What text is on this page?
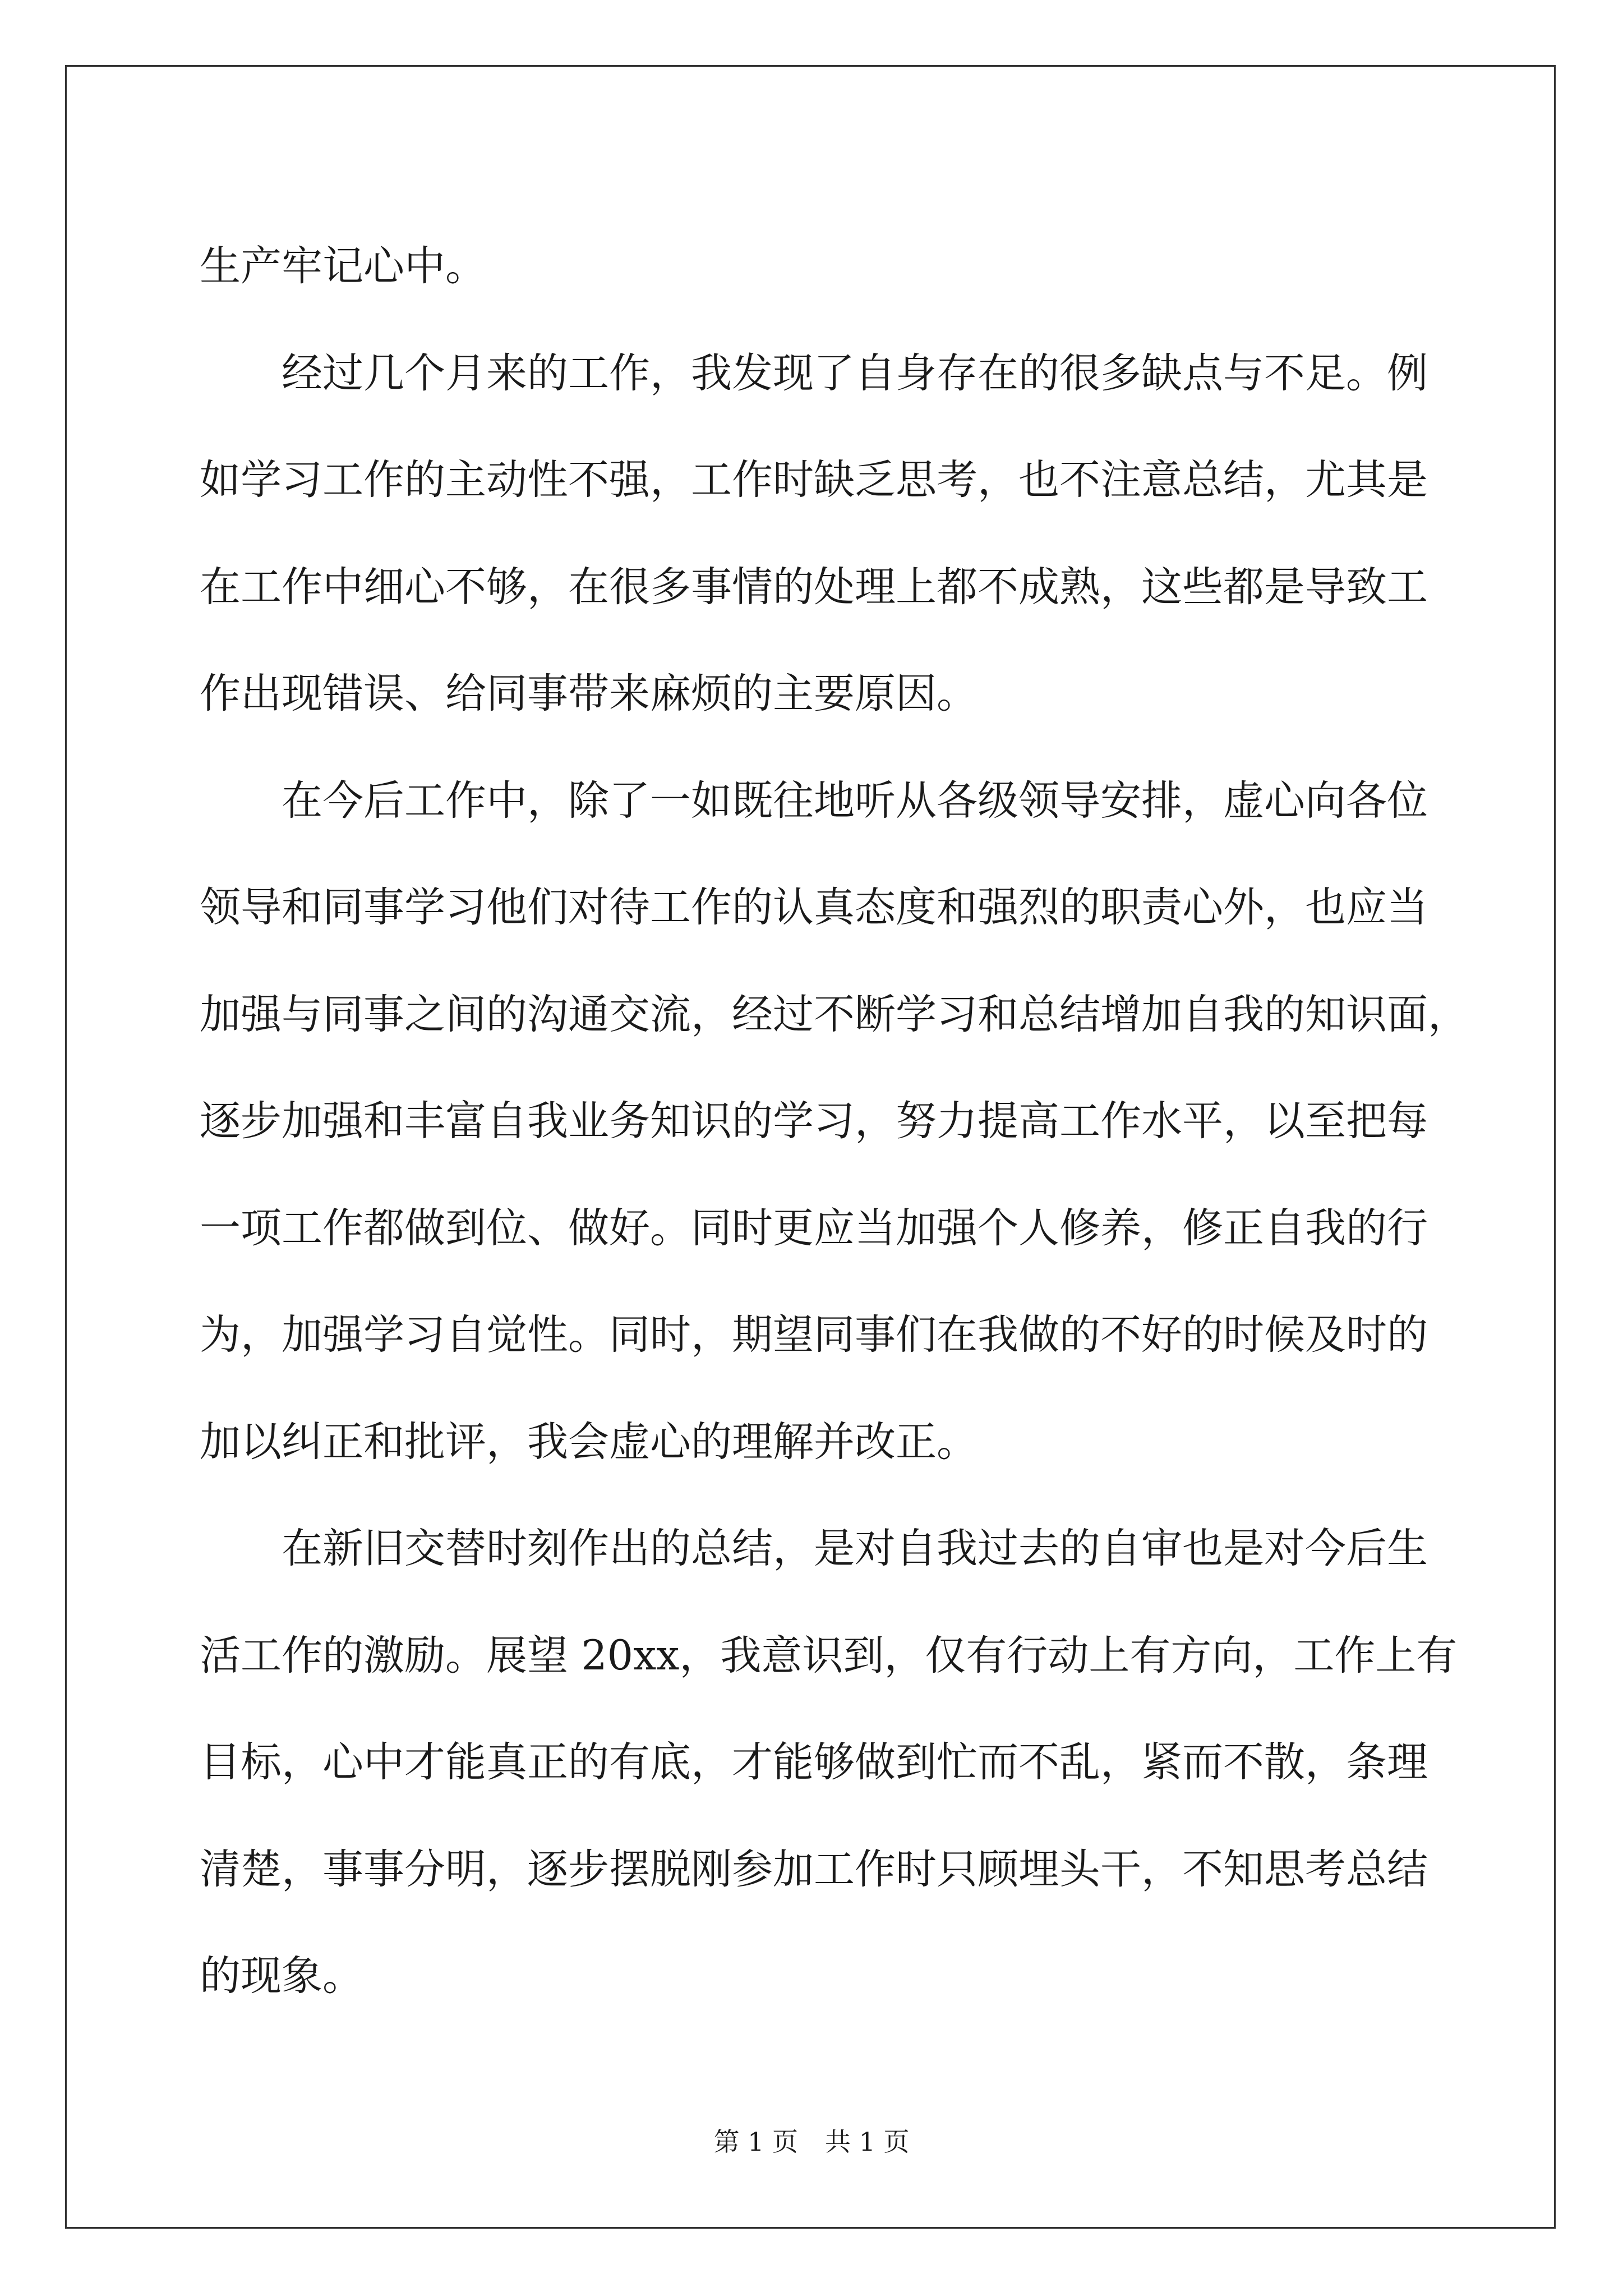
生产牢记心中。
经过几个月来的工作，我发现了自身存在的很多缺点与不足。例
如学习工作的主动性不强，工作时缺乏思考，也不注意总结，尤其是
在工作中细心不够，在很多事情的处理上都不成熟，这些都是导致工
作出现错误、给同事带来麻烦的主要原因。
在今后工作中，除了一如既往地听从各级领导安排，虚心向各位
领导和同事学习他们对待工作的认真态度和强烈的职责心外，也应当
加强与同事之间的沟通交流，经过不断学习和总结增加自我的知识面，
逐步加强和丰富自我业务知识的学习，努力提高工作水平，以至把每
一项工作都做到位、做好。同时更应当加强个人修养，修正自我的行
为，加强学习自觉性。同时，期望同事们在我做的不好的时候及时的
加以纠正和批评，我会虚心的理解并改正。
在新旧交替时刻作出的总结，是对自我过去的自审也是对今后生
活工作的激励。展望 20xx，我意识到，仅有行动上有方向，工作上有
目标，心中才能真正的有底，才能够做到忙而不乱，紧而不散，条理
清楚，事事分明，逐步摆脱刚参加工作时只顾埋头干，不知思考总结
的现象。
第 1 页 共 1 页
